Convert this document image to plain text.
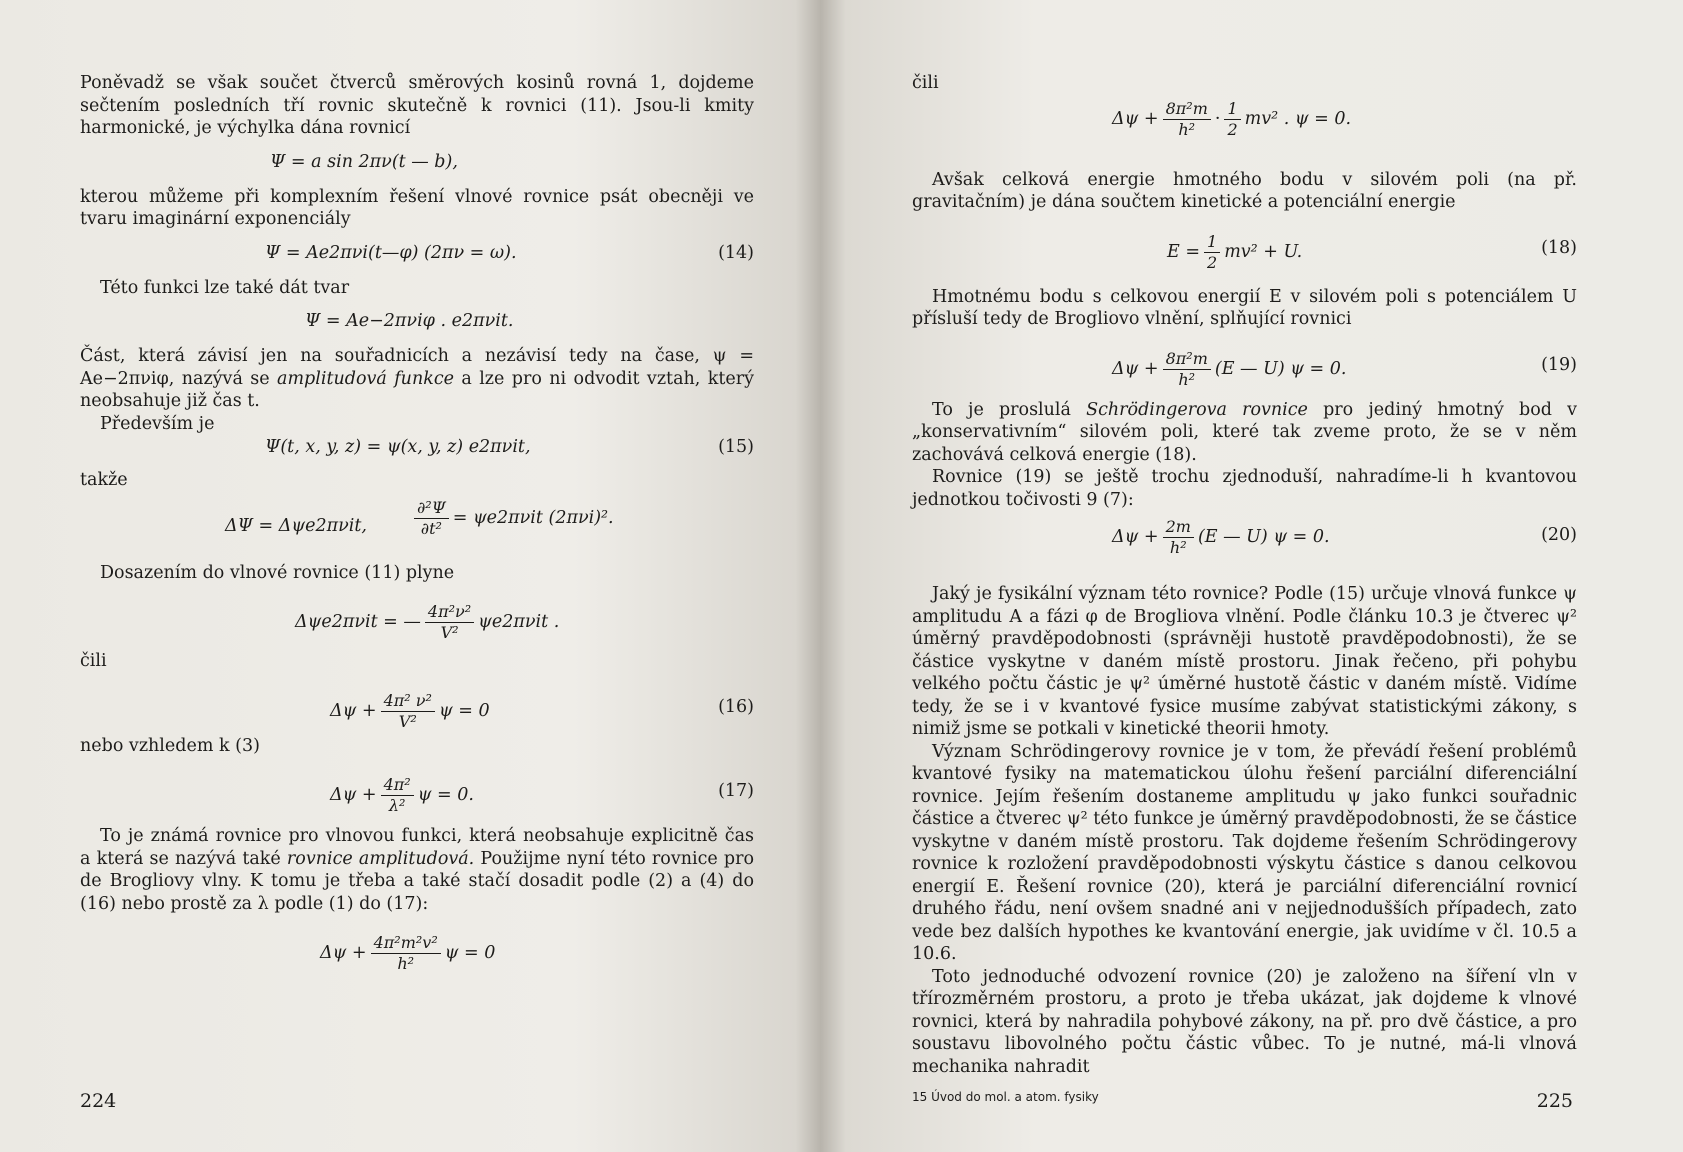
Poněvadž se však součet čtverců směrových kosinů rovná 1, dojdeme sečtením posledních tří rovnic skutečně k rovnici (11). Jsou-li kmity harmonické, je výchylka dána rovnicí

Ψ = a sin 2πν(t — b),

kterou můžeme při komplexním řešení vlnové rovnice psát obecněji ve tvaru imaginární exponenciály

Ψ = Ae2πνi(t—φ) (2πν = ω).	(14)

Této funkci lze také dát tvar

Ψ = Ae−2πνiφ . e2πνit.

Část, která závisí jen na souřadnicích a nezávisí tedy na čase, ψ = Ae−2πνiφ, nazývá se amplitudová funkce a lze pro ni odvodit vztah, který neobsahuje již čas t.

Především je

Ψ(t, x, y, z) = ψ(x, y, z) e2πνit,	(15)

takže

ΔΨ = Δψe2πνit,	$\frac{\text{∂²Ψ}}{\text{∂t²}} = \psi e2\pi\nu it$ (2πνi)².

Dosazením do vlnové rovnice (11) plyne

Δψe2πνit = — $\frac{\text{4π²ν²}}{\text{V²}} \psi e2\pi\nu it$ .

čili

$\Delta\psi + \frac{\text{4π² ν²}}{\text{V²}}$ ψ = 0	(16)

nebo vzhledem k (3)

$\Delta\psi + \frac{\text{4π²}}{\text{λ²}}$ ψ = 0.	(17)

To je známá rovnice pro vlnovou funkci, která neobsahuje explicitně čas a která se nazývá také rovnice amplitudová. Použijme nyní této rovnice pro de Brogliovy vlny. K tomu je třeba a také stačí dosadit podle (2) a (4) do (16) nebo prostě za λ podle (1) do (17):

$\Delta\psi + \frac{\text{4π²m²v²}}{\text{h²}}$ ψ = 0
224

čili

$\Delta\psi + \frac{\text{8π²m}}{\text{h²}} \cdot \frac{1}{2} mv^2$ . ψ = 0.

Avšak celková energie hmotného bodu v silovém poli (na př. gravitačním) je dána součtem kinetické a potenciální energie

$E = \frac{1}{2} mv^2 + U$.	(18)

Hmotnému bodu s celkovou energií E v silovém poli s potenciálem U přísluší tedy de Brogliovo vlnění, splňující rovnici

$\Delta\psi + \frac{\text{8π²m}}{\text{h²}} (E$ — U) ψ = 0.	(19)

To je proslulá Schrödingerova rovnice pro jediný hmotný bod v „konservativním“ silovém poli, které tak zveme proto, že se v něm zachovává celková energie (18).

Rovnice (19) se ještě trochu zjednoduší, nahradíme-li h kvantovou jednotkou točivosti 9 (7):

$\Delta\psi + \frac{2m}{\text{h²}} (E$ — U) ψ = 0.	(20)

Jaký je fysikální význam této rovnice? Podle (15) určuje vlnová funkce ψ amplitudu A a fázi φ de Brogliova vlnění. Podle článku 10.3 je čtverec ψ² úměrný pravděpodobnosti (správněji hustotě pravděpodobnosti), že se částice vyskytne v daném místě prostoru. Jinak řečeno, při pohybu velkého počtu částic je ψ² úměrné hustotě částic v daném místě. Vidíme tedy, že se i v kvantové fysice musíme zabývat statistickými zákony, s nimiž jsme se potkali v kinetické theorii hmoty.

Význam Schrödingerovy rovnice je v tom, že převádí řešení problémů kvantové fysiky na matematickou úlohu řešení parciální diferenciální rovnice. Jejím řešením dostaneme amplitudu ψ jako funkci souřadnic částice a čtverec ψ² této funkce je úměrný pravděpodobnosti, že se částice vyskytne v daném místě prostoru. Tak dojdeme řešením Schrödingerovy rovnice k rozložení pravděpodobnosti výskytu částice s danou celkovou energií E. Řešení rovnice (20), která je parciální diferenciální rovnicí druhého řádu, není ovšem snadné ani v nejjednodušších případech, zato vede bez dalších hypothes ke kvantování energie, jak uvidíme v čl. 10.5 a 10.6.

Toto jednoduché odvození rovnice (20) je založeno na šíření vln v třírozměrném prostoru, a proto je třeba ukázat, jak dojdeme k vlnové rovnici, která by nahradila pohybové zákony, na př. pro dvě částice, a pro soustavu libovolného počtu částic vůbec. To je nutné, má-li vlnová mechanika nahradit

15 Úvod do mol. a atom. fysiky	225
